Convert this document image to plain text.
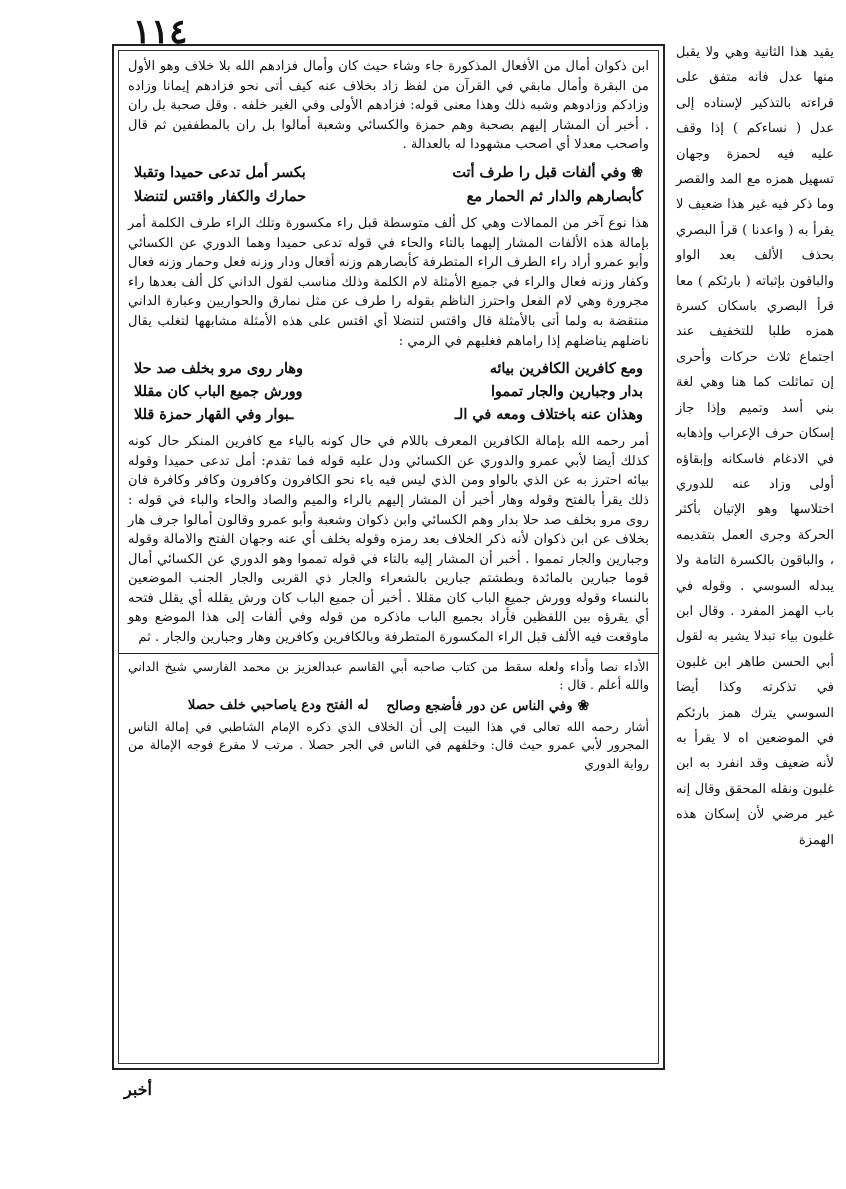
١١٤

ابن ذكوان أمال من الأفعال المذكورة جاء وشاء حيث كان وأمال فزادهم الله بلا خلاف وهو الأول من البقرة وأمال مابقي في القرآن من لفظ زاد بخلاف عنه كيف أتى نحو فزادهم إيمانا وزاده وزادكم وزادوهم وشبه ذلك وهذا معنى قوله: فزادهم الأولى وفي الغير خلفه . وقل صحبة بل ران . أخبر أن المشار إليهم بصحبة وهم حمزة والكسائي وشعبة أمالوا بل ران بالمطففين ثم قال واصحب معدلا أي اصحب مشهودا له بالعدالة .

❀ وفي ألفات قبل را طرف أتت
بكسر أمل تدعى حميدا وتقبلا
كأبصارهم والدار ثم الحمار مع
حمارك والكفار واقتس لتنضلا

هذا نوع آخر من الممالات وهي كل ألف متوسطة قبل راء مكسورة وتلك الراء طرف الكلمة أمر بإمالة هذه الألفات المشار إليهما بالتاء والحاء في قوله تدعى حميدا وهما الدوري عن الكسائي وأبو عمرو أراد راء الطرف الراء المتطرفة كأبصارهم وزنه أفعال ودار وزنه فعل وحمار وزنه فعال وكفار وزنه فعال والراء في جميع الأمثلة لام الكلمة وذلك مناسب لقول الداني كل ألف بعدها راء مجرورة وهي لام الفعل واحترز الناظم بقوله را طرف عن مثل نمارق والحواريين وعبارة الداني منتقضة به ولما أتى بالأمثلة قال واقتس لتنضلا أي اقتس على هذه الأمثلة مشابهها لتغلب يقال ناضلهم يناضلهم إذا راماهم فغلبهم في الرمي :

ومع كافرين الكافرين بيائه
وهار روى مرو بخلف صد حلا
بدار وجبارين والجار تمموا
وورش جميع الباب كان مقللا
وهذان عنه باختلاف ومعه في الـ
ـبوار وفي القهار حمزة قللا

أمر رحمه الله بإمالة الكافرين المعرف باللام في حال كونه بالياء مع كافرين المنكر حال كونه كذلك أيضا لأبي عمرو والدوري عن الكسائي ودل عليه قوله فما تقدم: أمل تدعى حميدا وقوله بيائه احترز به عن الذي بالواو ومن الذي ليس فيه ياء نحو الكافرون وكافرون وكافر وكافرة فان ذلك يقرأ بالفتح وقوله وهار أخبر أن المشار إليهم بالراء والميم والصاد والحاء والباء في قوله : روى مرو بخلف صد حلا بدار وهم الكسائي وابن ذكوان وشعبة وأبو عمرو وقالون أمالوا جرف هار بخلاف عن ابن ذكوان لأنه ذكر الخلاف بعد رمزه وقوله بخلف أي عنه وجهان الفتح والامالة وقوله وجبارين والجار تمموا . أخبر أن المشار إليه بالتاء في قوله تمموا وهو الدوري عن الكسائي أمال قوما جبارين بالمائدة وبطشتم جبارين بالشعراء والجار ذي القربى والجار الجنب الموضعين بالنساء وقوله وورش جميع الباب كان مقللا . أخبر أن جميع الباب كان ورش يقلله أي يقلل فتحه أي يقرؤه بين اللفظين فأراد بجميع الباب ماذكره من قوله وفي ألفات إلى هذا الموضع وهو ماوقعت فيه الألف قبل الراء المكسورة المتطرفة وبالكافرين وكافرين وهار وجبارين والجار . ثم

الأداء نصا وأداء ولعله سقط من كتاب صاحبه أبي القاسم عبدالعزيز بن محمد الفارسي شيخ الداني والله أعلم . قال :

❀ وفي الناس عن دور فأضجع وصالح
له الفتح ودع ياصاحبي خلف حصلا

أشار رحمه الله تعالى في هذا البيت إلى أن الخلاف الذي ذكره الإمام الشاطبي في إمالة الناس المجرور لأبي عمرو حيث قال: وخلفهم في الناس في الجر حصلا . مرتب لا مفرع فوجه الإمالة من رواية الدوري

يقيد هذا الثانية وهي ولا يقبل منها عدل فانه متفق على قراءته بالتذكير لإسناده إلى عدل ( نساءكم ) إذا وقف عليه فيه لحمزة وجهان تسهيل همزه مع المد والقصر وما ذكر فيه غير هذا ضعيف لا يقرأ به ( واعدنا ) قرأ البصري بحذف الألف بعد الواو والباقون بإثباته ( بارئكم ) معا قرأ البصري باسكان كسرة همزه طلبا للتخفيف عند اجتماع ثلاث حركات وأحرى إن تماثلت كما هنا وهي لغة بني أسد وتميم وإذا جاز إسكان حرف الإعراب وإذهابه في الادغام فاسكانه وإبقاؤه أولى وزاد عنه للدوري اختلاسها وهو الإتيان بأكثر الحركة وجرى العمل بتقديمه ، والباقون بالكسرة التامة ولا يبدله السوسي . وقوله في باب الهمز المفرد . وقال ابن غلبون بياء تبدلا يشير به لقول أبي الحسن طاهر ابن غلبون في تذكرته وكذا أيضا السوسي يترك همز بارئكم في الموضعين اه لا يقرأ به لأنه ضعيف وقد انفرد به ابن غلبون ونقله المحقق وقال إنه غير مرضي لأن إسكان هذه الهمزة

أخبر
